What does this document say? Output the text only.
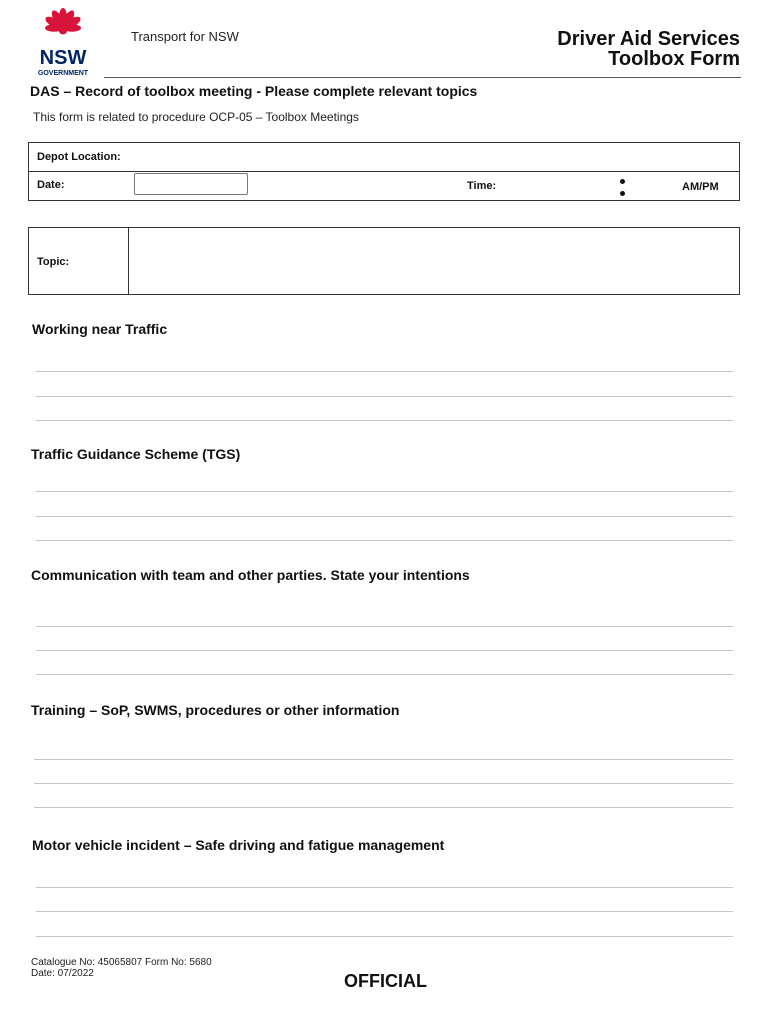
NSW
GOVERNMENT
Transport for NSW	Driver Aid Services
Toolbox Form
DAS – Record of toolbox meeting - Please complete relevant topics
This form is related to procedure OCP-05 – Toolbox Meetings
Depot Location:
Date:	Time:	AM/PM
Topic:
Working near Traffic
Traffic Guidance Scheme (TGS)
Communication with team and other parties. State your intentions
Training – SoP, SWMS, procedures or other information
Motor vehicle incident – Safe driving and fatigue management
Catalogue No: 45065807 Form No: 5680
Date: 07/2022	OFFICIAL
